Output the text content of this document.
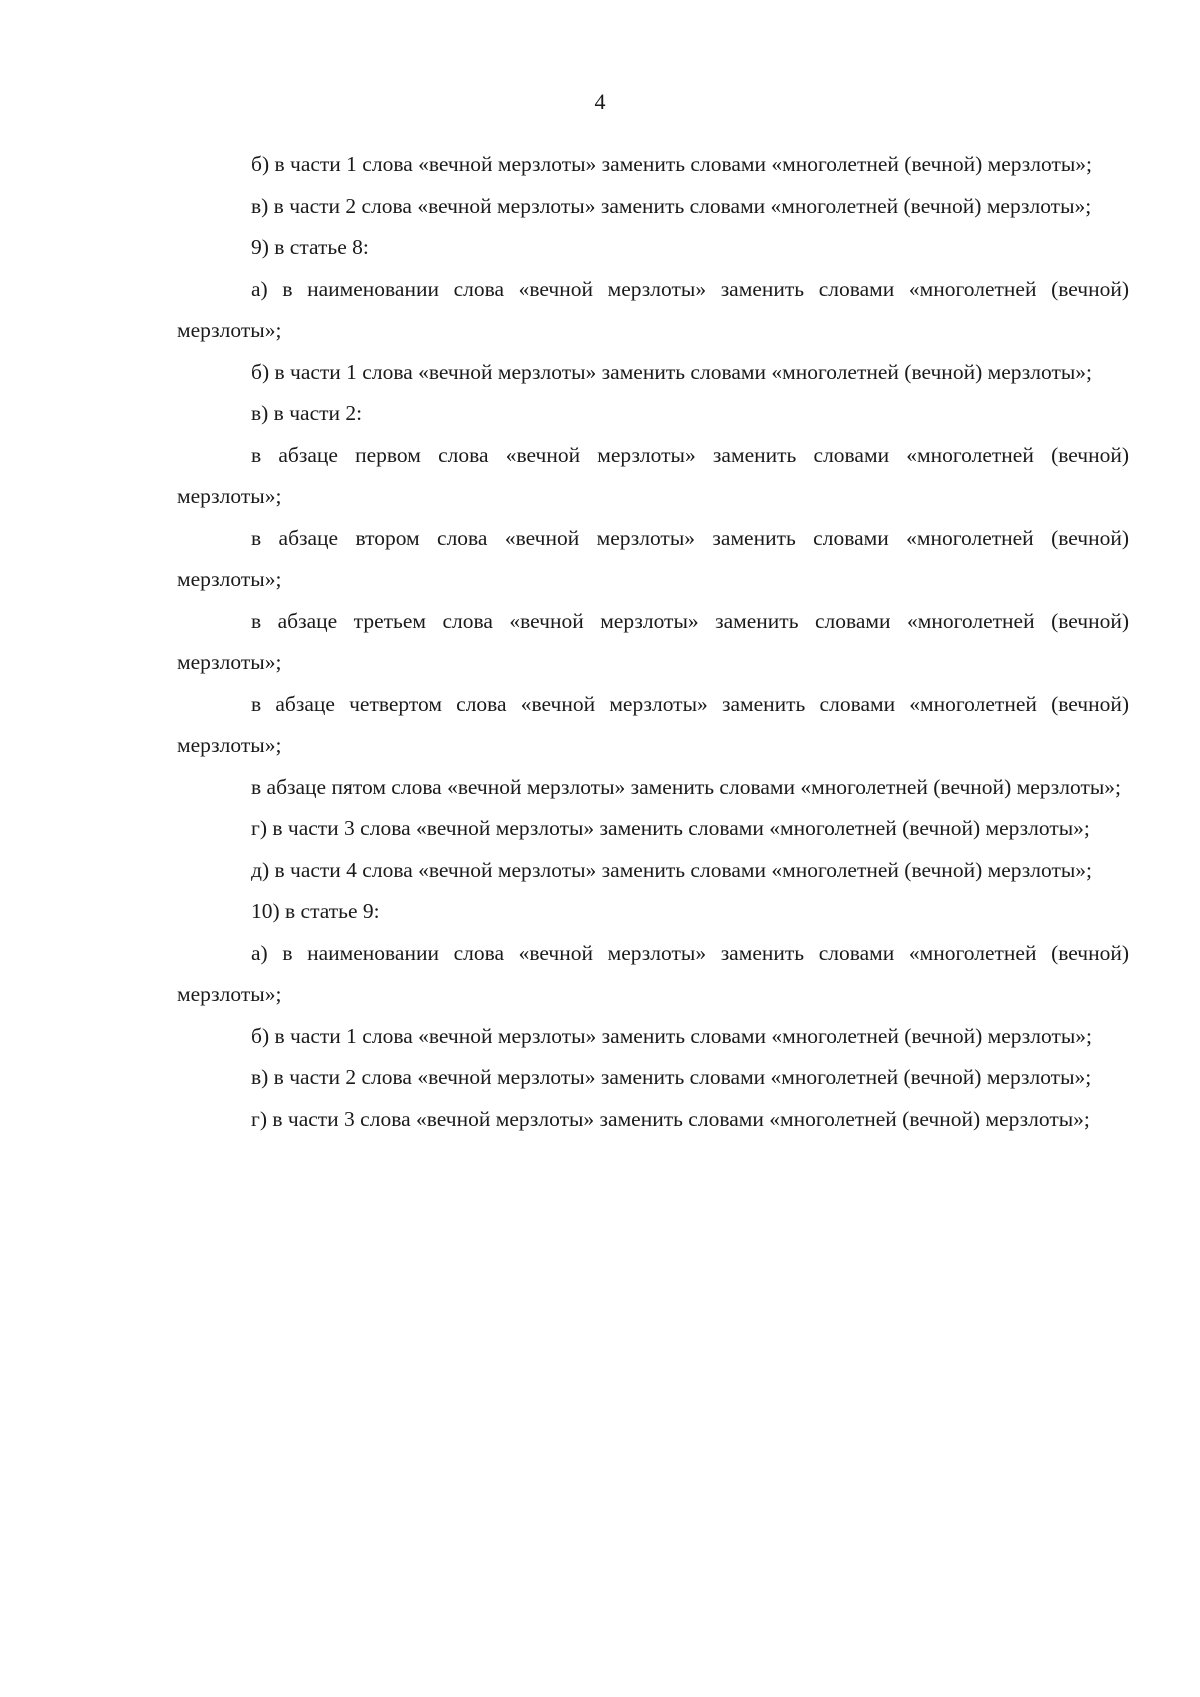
4

б) в части 1 слова «вечной мерзлоты» заменить словами «многолетней (вечной) мерзлоты»;

в) в части 2 слова «вечной мерзлоты» заменить словами «многолетней (вечной) мерзлоты»;

9) в статье 8:

а) в наименовании слова «вечной мерзлоты» заменить словами «многолетней (вечной) мерзлоты»;

б) в части 1 слова «вечной мерзлоты» заменить словами «многолетней (вечной) мерзлоты»;

в) в части 2:

в абзаце первом слова «вечной мерзлоты» заменить словами «многолетней (вечной) мерзлоты»;

в абзаце втором слова «вечной мерзлоты» заменить словами «многолетней (вечной) мерзлоты»;

в абзаце третьем слова «вечной мерзлоты» заменить словами «многолетней (вечной) мерзлоты»;

в абзаце четвертом слова «вечной мерзлоты» заменить словами «многолетней (вечной) мерзлоты»;

в абзаце пятом слова «вечной мерзлоты» заменить словами «многолетней (вечной) мерзлоты»;

г) в части 3 слова «вечной мерзлоты» заменить словами «многолетней (вечной) мерзлоты»;

д) в части 4 слова «вечной мерзлоты» заменить словами «многолетней (вечной) мерзлоты»;

10) в статье 9:

а) в наименовании слова «вечной мерзлоты» заменить словами «многолетней (вечной) мерзлоты»;

б) в части 1 слова «вечной мерзлоты» заменить словами «многолетней (вечной) мерзлоты»;

в) в части 2 слова «вечной мерзлоты» заменить словами «многолетней (вечной) мерзлоты»;

г) в части 3 слова «вечной мерзлоты» заменить словами «многолетней (вечной) мерзлоты»;
